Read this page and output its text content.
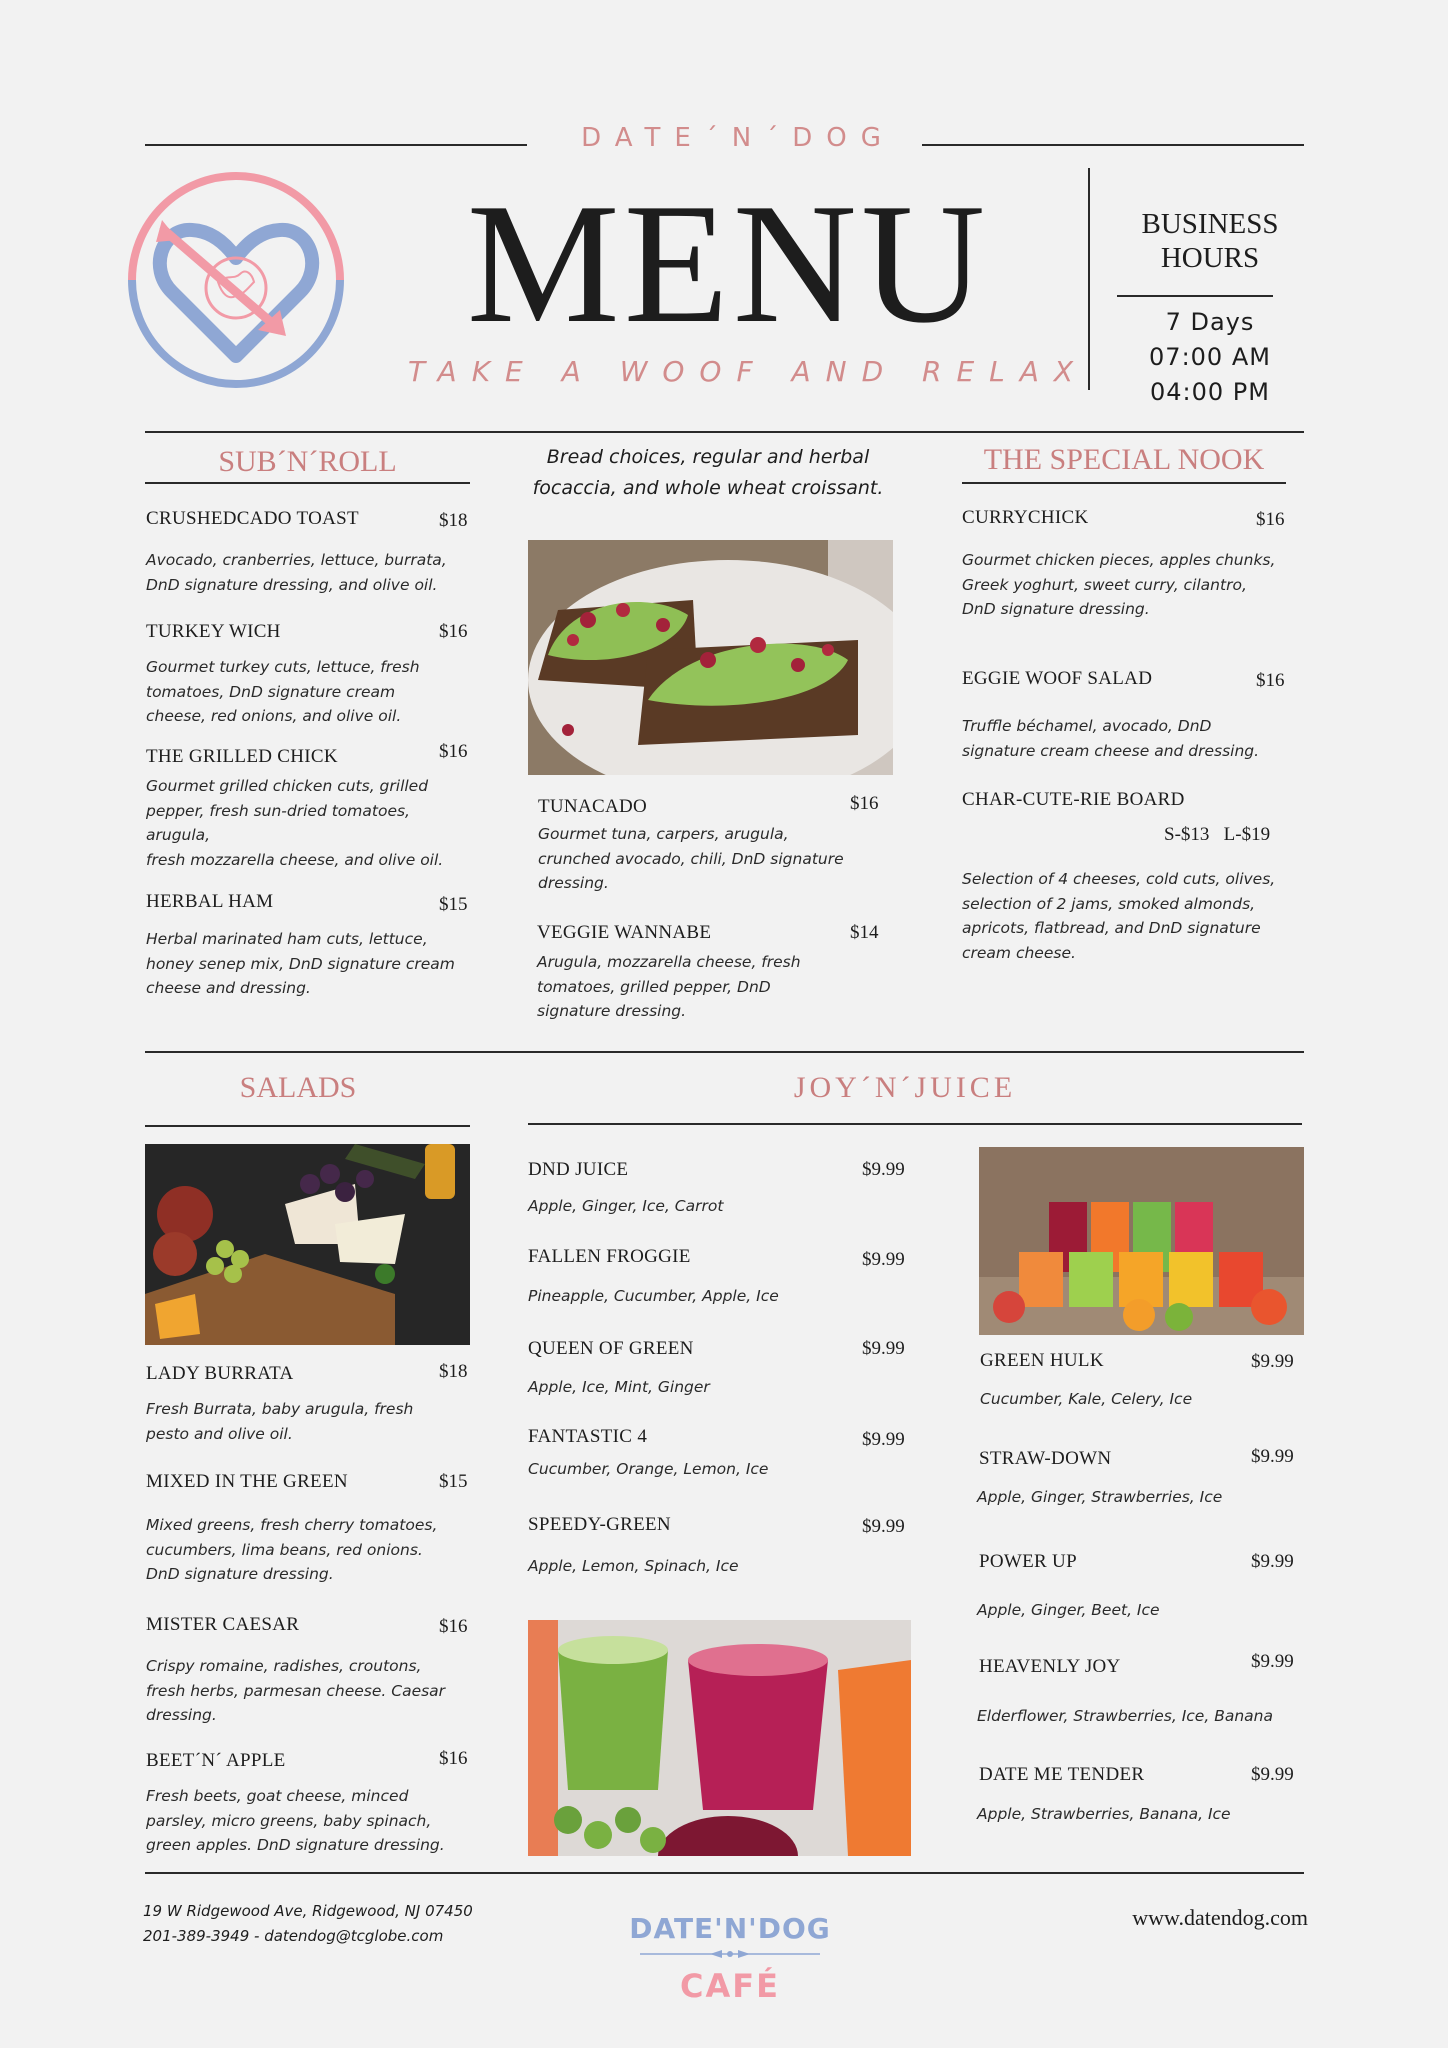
DATE´N´DOG
MENU
TAKE A WOOF AND RELAX
BUSINESS HOURS
7 Days
07:00 AM
04:00 PM
SUB´N´ROLL
CRUSHEDCADO TOAST	$18
Avocado, cranberries, lettuce, burrata,
DnD signature dressing, and olive oil.
TURKEY WICH	$16
Gourmet turkey cuts, lettuce, fresh
tomatoes, DnD signature cream
cheese, red onions, and olive oil.
THE GRILLED CHICK	$16
Gourmet grilled chicken cuts, grilled
pepper, fresh sun-dried tomatoes,
arugula,
fresh mozzarella cheese, and olive oil.
HERBAL HAM	$15
Herbal marinated ham cuts, lettuce,
honey senep mix, DnD signature cream
cheese and dressing.
Bread choices, regular and herbal focaccia, and whole wheat croissant.
TUNACADO	$16
Gourmet tuna, carpers, arugula,
crunched avocado, chili, DnD signature
dressing.
VEGGIE WANNABE	$14
Arugula, mozzarella cheese, fresh
tomatoes, grilled pepper, DnD
signature dressing.
THE SPECIAL NOOK
CURRYCHICK	$16
Gourmet chicken pieces, apples chunks,
Greek yoghurt, sweet curry, cilantro,
DnD signature dressing.
EGGIE WOOF SALAD	$16
Truffle béchamel, avocado, DnD
signature cream cheese and dressing.
CHAR-CUTE-RIE BOARD
S-$13   L-$19
Selection of 4 cheeses, cold cuts, olives,
selection of 2 jams, smoked almonds,
apricots, flatbread, and DnD signature
cream cheese.
SALADS
LADY BURRATA	$18
Fresh Burrata, baby arugula, fresh
pesto and olive oil.
MIXED IN THE GREEN	$15
Mixed greens, fresh cherry tomatoes,
cucumbers, lima beans, red onions.
DnD signature dressing.
MISTER CAESAR	$16
Crispy romaine, radishes, croutons,
fresh herbs, parmesan cheese. Caesar
dressing.
BEET´N´ APPLE	$16
Fresh beets, goat cheese, minced
parsley, micro greens, baby spinach,
green apples. DnD signature dressing.
JOY´N´JUICE
DND JUICE	$9.99
Apple, Ginger, Ice, Carrot
FALLEN FROGGIE	$9.99
Pineapple, Cucumber, Apple, Ice
QUEEN OF GREEN	$9.99
Apple, Ice, Mint, Ginger
FANTASTIC 4	$9.99
Cucumber, Orange, Lemon, Ice
SPEEDY-GREEN	$9.99
Apple, Lemon, Spinach, Ice
GREEN HULK	$9.99
Cucumber, Kale, Celery, Ice
STRAW-DOWN	$9.99
Apple, Ginger, Strawberries, Ice
POWER UP	$9.99
Apple, Ginger, Beet, Ice
HEAVENLY JOY	$9.99
Elderflower, Strawberries, Ice, Banana
DATE ME TENDER	$9.99
Apple, Strawberries, Banana, Ice
19 W Ridgewood Ave, Ridgewood, NJ 07450
201-389-3949 - datendog@tcglobe.com	DATE'N'DOG
CAFÉ
www.datendog.com
